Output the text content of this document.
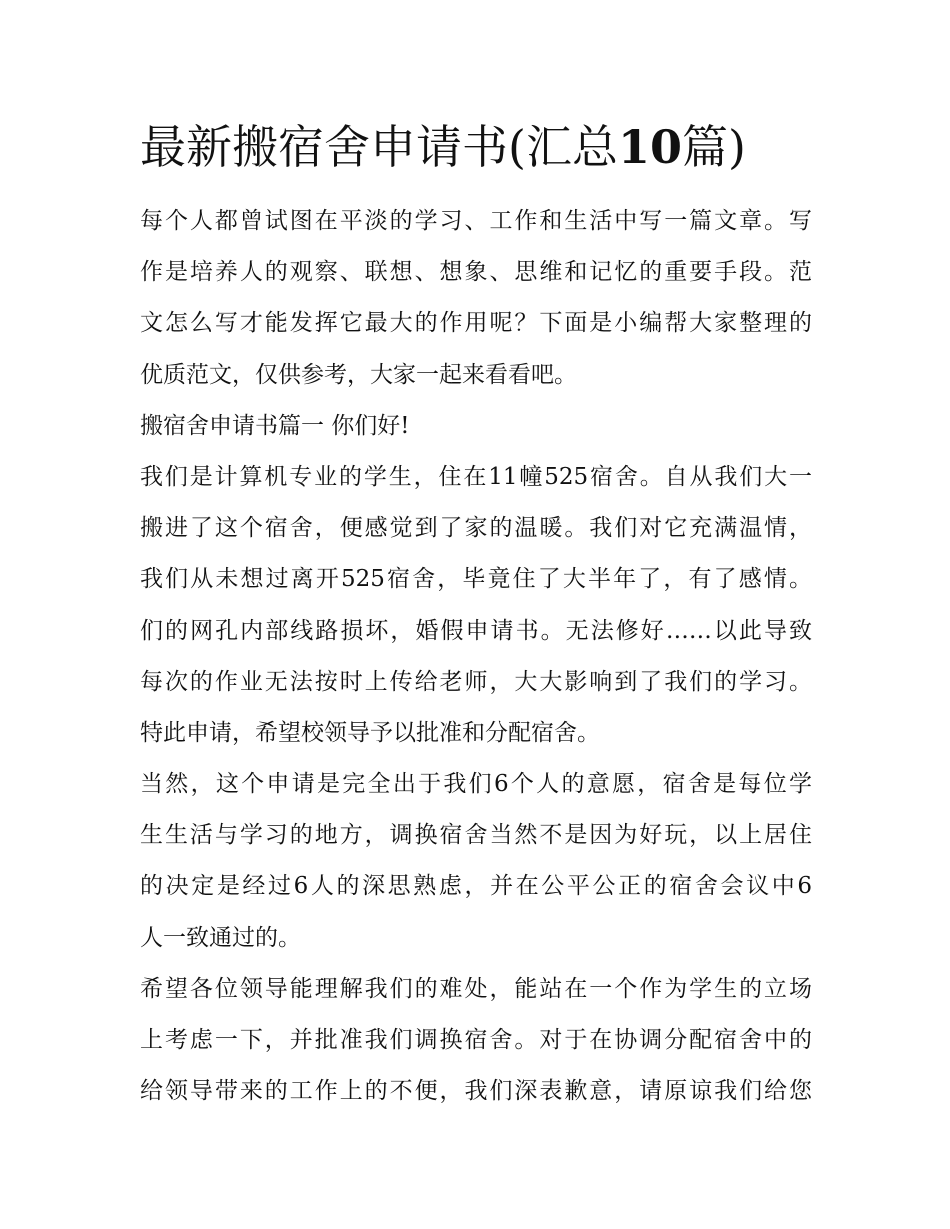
最新搬宿舍申请书(汇总10篇)
每个人都曾试图在平淡的学习、工作和生活中写一篇文章。写
作是培养人的观察、联想、想象、思维和记忆的重要手段。范
文怎么写才能发挥它最大的作用呢？下面是小编帮大家整理的
优质范文，仅供参考，大家一起来看看吧。
搬宿舍申请书篇一 你们好!
我们是计算机专业的学生，住在11幢525宿舍。自从我们大一
搬进了这个宿舍，便感觉到了家的温暖。我们对它充满温情，
我们从未想过离开525宿舍，毕竟住了大半年了，有了感情。
们的网孔内部线路损坏，婚假申请书。无法修好……以此导致
每次的作业无法按时上传给老师，大大影响到了我们的学习。
特此申请，希望校领导予以批准和分配宿舍。
当然，这个申请是完全出于我们6个人的意愿，宿舍是每位学
生生活与学习的地方，调换宿舍当然不是因为好玩，以上居住
的决定是经过6人的深思熟虑，并在公平公正的宿舍会议中6
人一致通过的。
希望各位领导能理解我们的难处，能站在一个作为学生的立场
上考虑一下，并批准我们调换宿舍。对于在协调分配宿舍中的
给领导带来的工作上的不便，我们深表歉意，请原谅我们给您
